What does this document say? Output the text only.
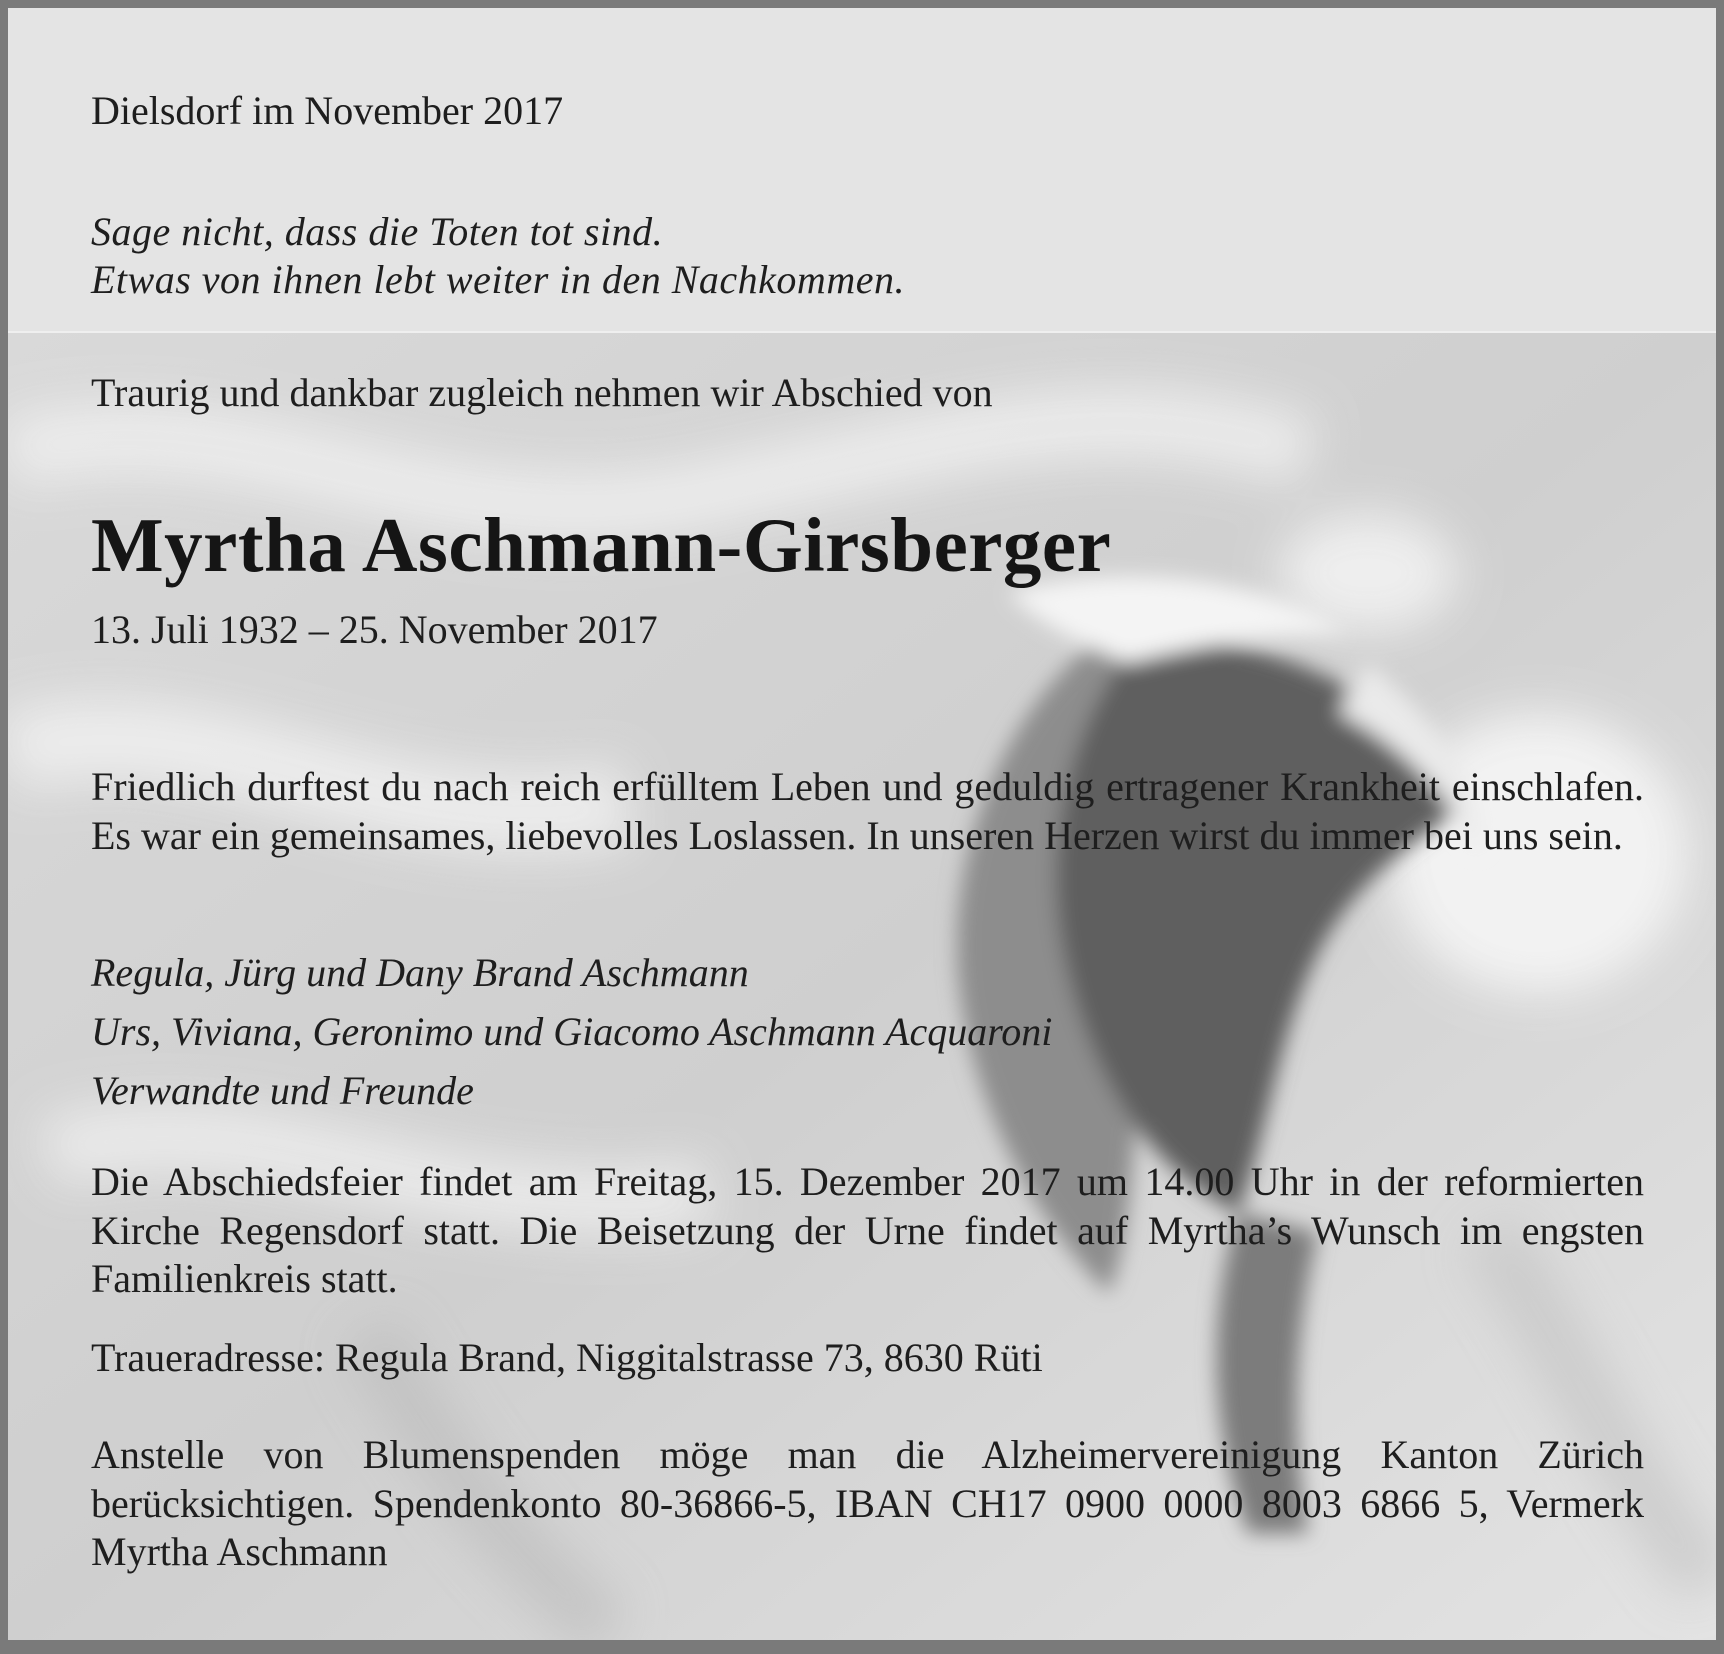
Dielsdorf im November 2017

Sage nicht, dass die Toten tot sind.
Etwas von ihnen lebt weiter in den Nachkommen.

Traurig und dankbar zugleich nehmen wir Abschied von

Myrtha Aschmann-Girsberger

13. Juli 1932 – 25. November 2017

Friedlich durftest du nach reich erfülltem Leben und geduldig ertragener Krankheit einschlafen. Es war ein gemeinsames, liebevolles Loslassen. In unseren Herzen wirst du immer bei uns sein.

Regula, Jürg und Dany Brand Aschmann
Urs, Viviana, Geronimo und Giacomo Aschmann Acquaroni
Verwandte und Freunde

Die Abschiedsfeier findet am Freitag, 15. Dezember 2017 um 14.00 Uhr in der reformierten Kirche Regensdorf statt. Die Beisetzung der Urne findet auf Myrtha’s Wunsch im engsten Familienkreis statt.

Traueradresse: Regula Brand, Niggitalstrasse 73, 8630 Rüti

Anstelle von Blumenspenden möge man die Alzheimervereinigung Kanton Zürich berücksichtigen. Spendenkonto 80-36866-5, IBAN CH17 0900 0000 8003 6866 5, Vermerk Myrtha Aschmann
